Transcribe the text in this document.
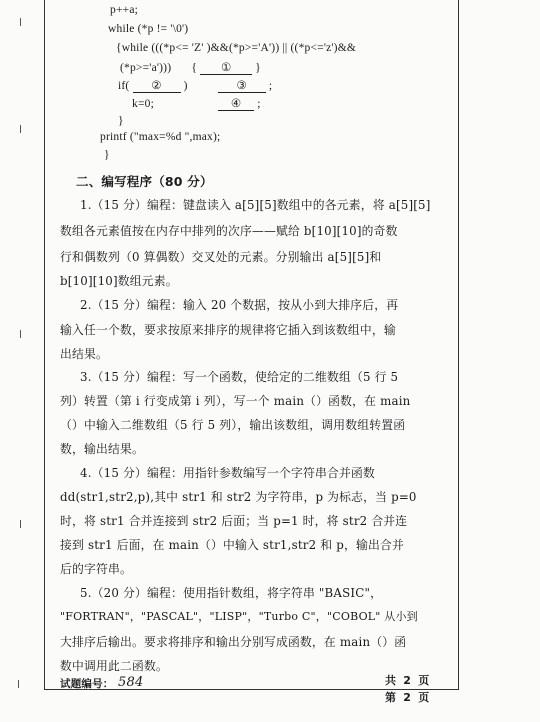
p++a;
while (*p != '\0')
{while (((*p<= 'Z' )&&(*p>='A')) || ((*p<='z')&&
(*p>='a'))) { ① }
if( ② )	③ ;
k=0;	④ ;
}
printf ("max=%d ",max);
}
二、编写程序（80 分）
1.（15 分）编程：键盘读入 a[5][5]数组中的各元素，将 a[5][5]
数组各元素值按在内存中排列的次序——赋给 b[10][10]的奇数
行和偶数列（0 算偶数）交叉处的元素。分别输出 a[5][5]和
b[10][10]数组元素。
2.（15 分）编程：输入 20 个数据，按从小到大排序后，再
输入任一个数，要求按原来排序的规律将它插入到该数组中，输
出结果。
3.（15 分）编程：写一个函数，使给定的二维数组（5 行 5
列）转置（第 i 行变成第 i 列），写一个 main（）函数，在 main
（）中输入二维数组（5 行 5 列），输出该数组，调用数组转置函
数，输出结果。
4.（15 分）编程：用指针参数编写一个字符串合并函数
dd(str1,str2,p),其中 str1 和 str2 为字符串，p 为标志，当 p=0
时，将 str1 合并连接到 str2 后面；当 p=1 时，将 str2 合并连
接到 str1 后面，在 main（）中输入 str1,str2 和 p，输出合并
后的字符串。
5.（20 分）编程：使用指针数组，将字符串 "BASIC"，
"FORTRAN"，"PASCAL"，"LISP"，"Turbo C"，"COBOL" 从小到
大排序后输出。要求将排序和输出分别写成函数，在 main（）函
数中调用此二函数。
试题编号： 584	共 2 页
第 2 页
